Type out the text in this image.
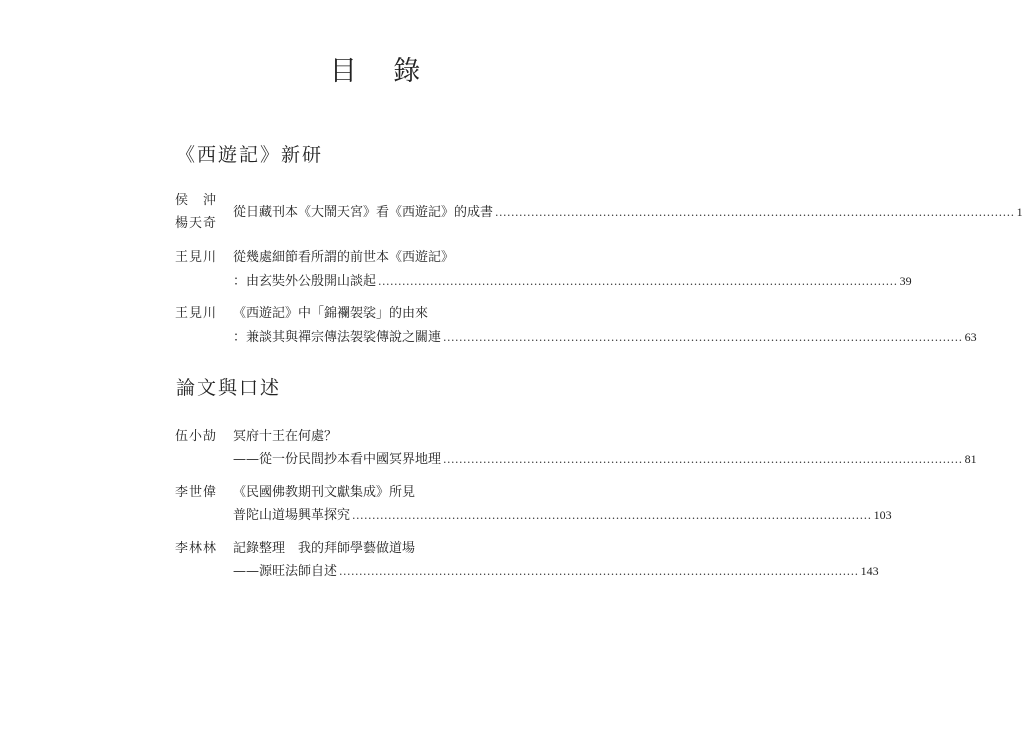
目 錄
《西遊記》新研
侯　沖
楊天奇
從日藏刊本《大鬧天宮》看《西遊記》的成書 .................................................................................................................................. 1
王見川 從幾處細節看所謂的前世本《西遊記》
：由玄奘外公殷開山談起 .................................................................................................................................. 39
王見川 《西遊記》中「錦襴袈裟」的由來
：兼談其與禪宗傳法袈裟傳說之關連 .................................................................................................................................. 63
論文與口述
伍小劼 冥府十王在何處？
——從一份民間抄本看中國冥界地理 .................................................................................................................................. 81
李世偉 《民國佛教期刊文獻集成》所見
普陀山道場興革探究 .................................................................................................................................. 103
李林林 記錄整理　我的拜師學藝做道場
——源旺法師自述 .................................................................................................................................. 143
